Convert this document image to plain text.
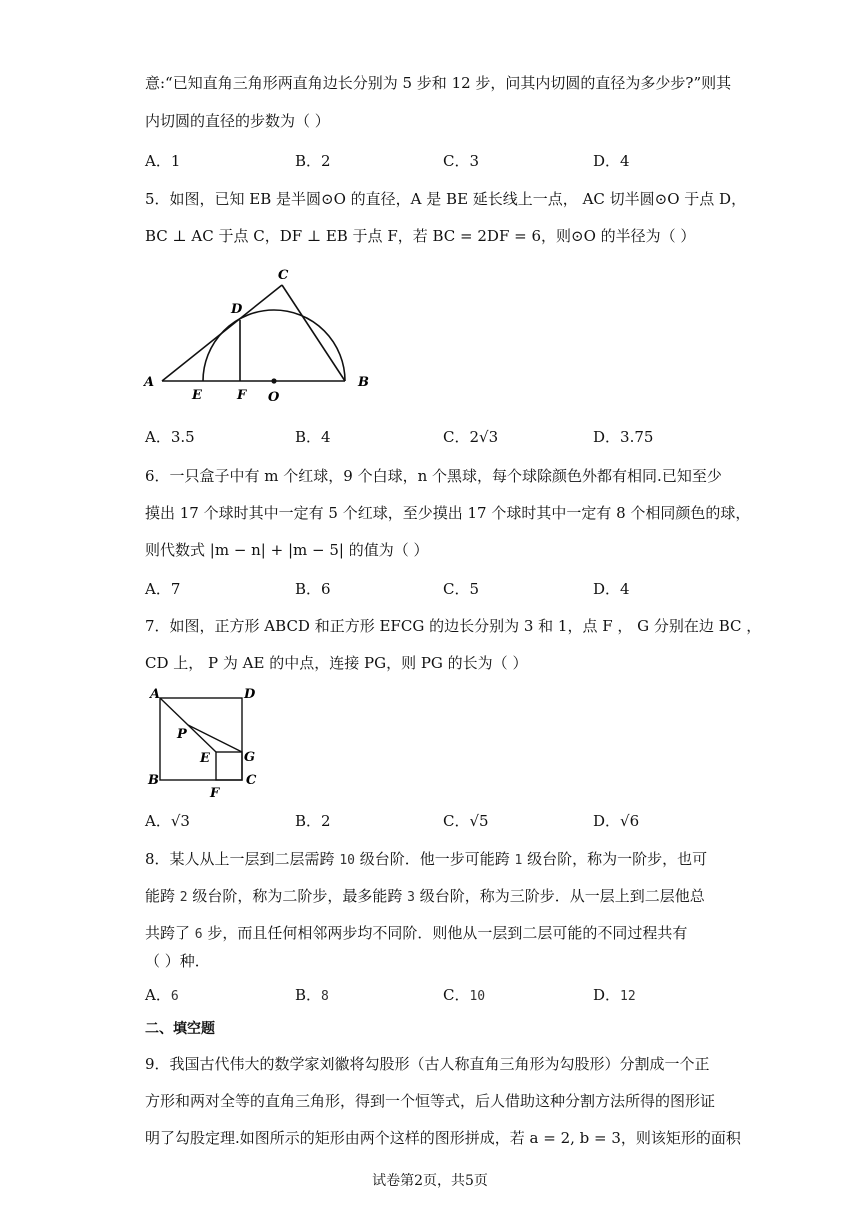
意:“已知直角三角形两直角边长分别为 5 步和 12 步，问其内切圆的直径为多少步?”则其
内切圆的直径的步数为（ ）
A．1	B．2	C．3	D．4
5．如图，已知 EB 是半圆⊙O 的直径，A 是 BE 延长线上一点， AC 切半圆⊙O 于点 D，
BC ⊥ AC 于点 C，DF ⊥ EB 于点 F，若 BC = 2DF = 6，则⊙O 的半径为（ ）
A	B
C
D
E	F O
A．3.5	B．4	C．2√3	D．3.75
6．一只盒子中有 m 个红球，9 个白球，n 个黑球，每个球除颜色外都有相同.已知至少
摸出 17 个球时其中一定有 5 个红球，至少摸出 17 个球时其中一定有 8 个相同颜色的球，
则代数式 |m − n| + |m − 5| 的值为（ ）
A．7	B．6	C．5	D．4
7．如图，正方形 ABCD 和正方形 EFCG 的边长分别为 3 和 1，点 F ， G 分别在边 BC ，
CD 上， P 为 AE 的中点，连接 PG，则 PG 的长为（ ）
A	D
B	C
E
F
G
P
A．√3	B．2	C．√5	D．√6
8．某人从上一层到二层需跨 10 级台阶．他一步可能跨 1 级台阶，称为一阶步，也可
能跨 2 级台阶，称为二阶步，最多能跨 3 级台阶，称为三阶步．从一层上到二层他总
共跨了 6 步，而且任何相邻两步均不同阶．则他从一层到二层可能的不同过程共有
（ ）种．
A．6	B．8	C．10	D．12
二、填空题
9．我国古代伟大的数学家刘徽将勾股形（古人称直角三角形为勾股形）分割成一个正
方形和两对全等的直角三角形，得到一个恒等式，后人借助这种分割方法所得的图形证
明了勾股定理.如图所示的矩形由两个这样的图形拼成，若 a = 2, b = 3，则该矩形的面积
试卷第2页，共5页
